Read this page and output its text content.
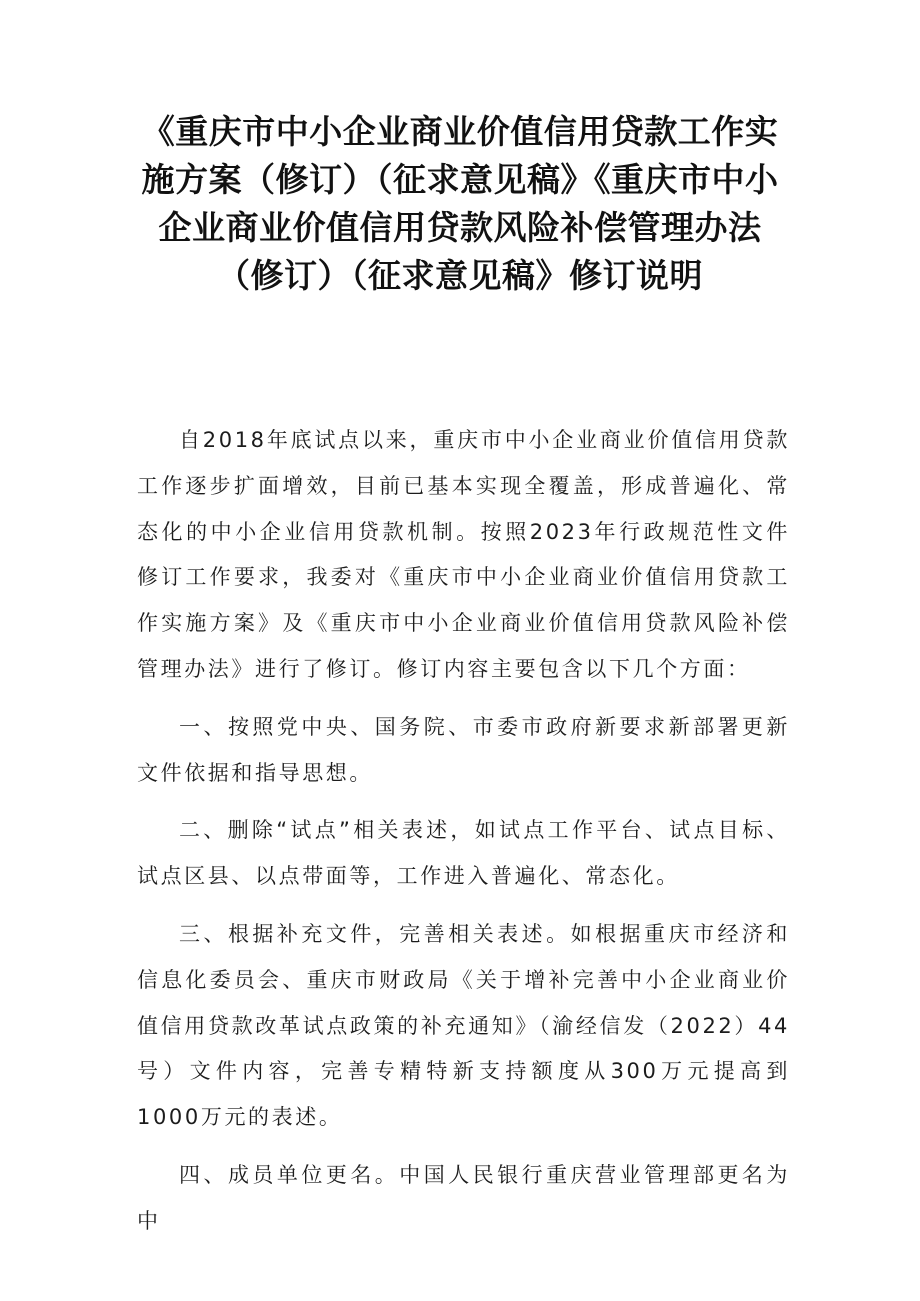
《重庆市中小企业商业价值信用贷款工作实施方案（修订）（征求意见稿》《重庆市中小企业商业价值信用贷款风险补偿管理办法（修订）（征求意见稿》修订说明

自2018年底试点以来，重庆市中小企业商业价值信用贷款工作逐步扩面增效，目前已基本实现全覆盖，形成普遍化、常态化的中小企业信用贷款机制。按照2023年行政规范性文件修订工作要求，我委对《重庆市中小企业商业价值信用贷款工作实施方案》及《重庆市中小企业商业价值信用贷款风险补偿管理办法》进行了修订。修订内容主要包含以下几个方面：

一、按照党中央、国务院、市委市政府新要求新部署更新文件依据和指导思想。

二、删除“试点”相关表述，如试点工作平台、试点目标、试点区县、以点带面等，工作进入普遍化、常态化。

三、根据补充文件，完善相关表述。如根据重庆市经济和信息化委员会、重庆市财政局《关于增补完善中小企业商业价值信用贷款改革试点政策的补充通知》（渝经信发（2022）44号）文件内容，完善专精特新支持额度从300万元提高到1000万元的表述。

四、成员单位更名。中国人民银行重庆营业管理部更名为中
